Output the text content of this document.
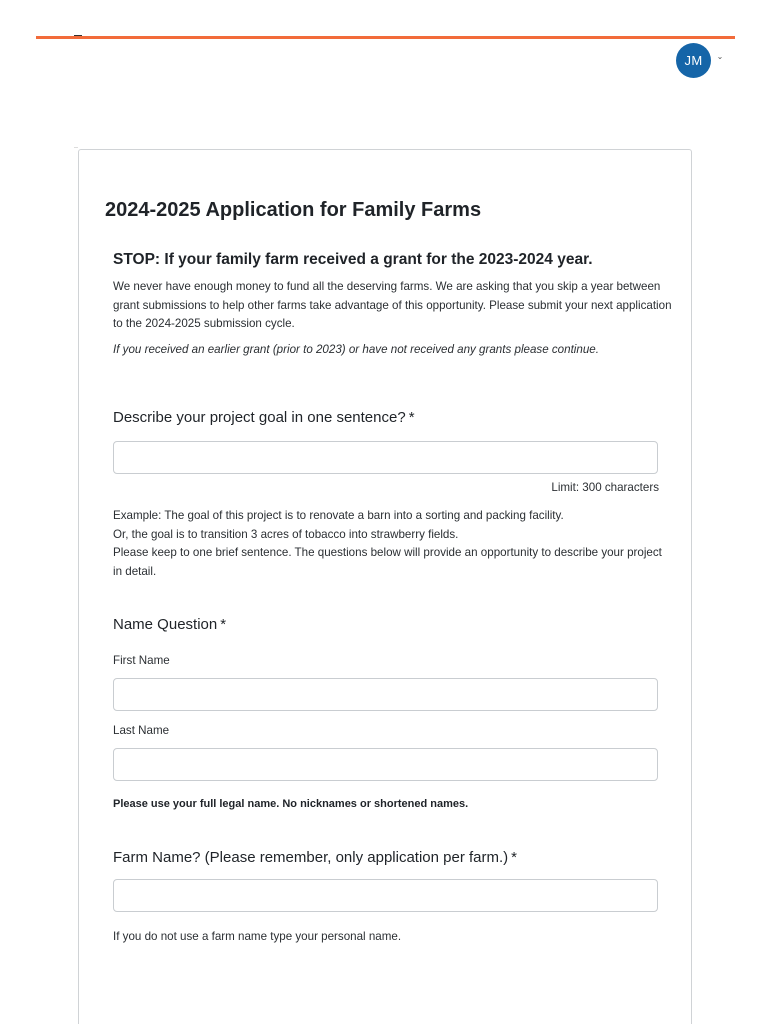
JM	⌄
··
2024-2025 Application for Family Farms
STOP: If your family farm received a grant for the 2023-2024 year.
We never have enough money to fund all the deserving farms. We are asking that you skip a year between grant submissions to help other farms take advantage of this opportunity. Please submit your next application to the 2024-2025 submission cycle.
If you received an earlier grant (prior to 2023) or have not received any grants please continue.
Describe your project goal in one sentence? *
Limit: 300 characters
Example: The goal of this project is to renovate a barn into a sorting and packing facility.
Or, the goal is to transition 3 acres of tobacco into strawberry fields.
Please keep to one brief sentence. The questions below will provide an opportunity to describe your project in detail.
Name Question *
First Name
Last Name
Please use your full legal name. No nicknames or shortened names.
Farm Name? (Please remember, only application per farm.) *
If you do not use a farm name type your personal name.
